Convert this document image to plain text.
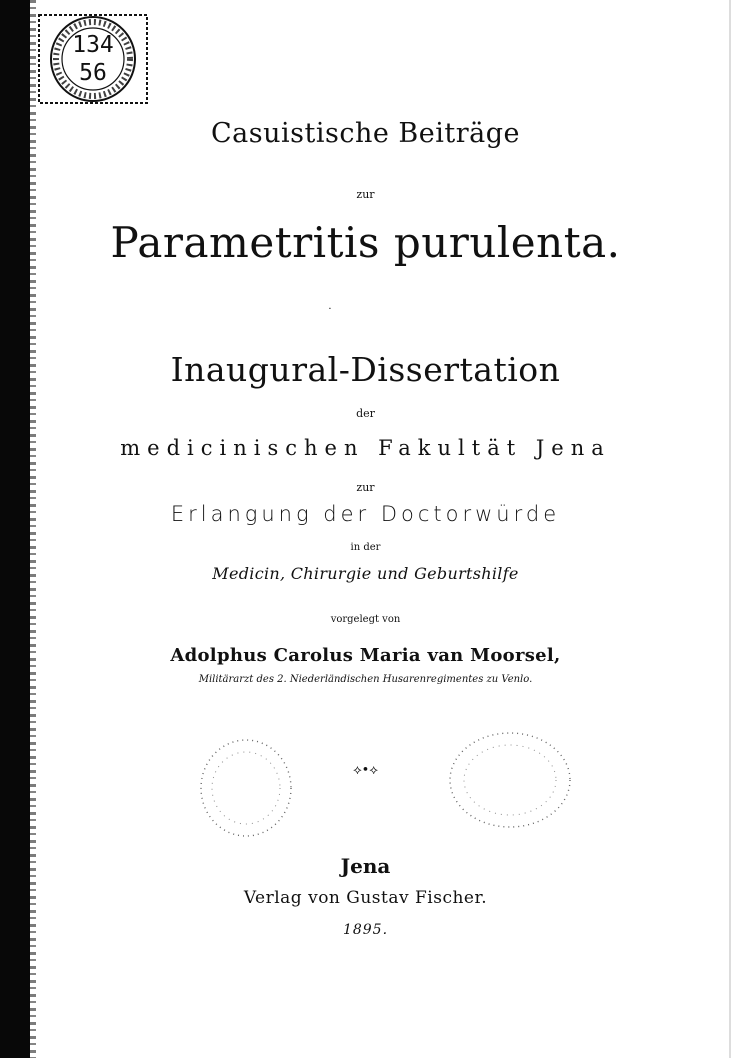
134
56
Casuistische Beiträge
zur
Parametritis purulenta.
·
Inaugural-Dissertation
der
medicinischen Fakultät Jena
zur
Erlangung der Doctorwürde
in der
Medicin, Chirurgie und Geburtshilfe
vorgelegt von
Adolphus Carolus Maria van Moorsel,
Militärarzt des 2. Niederländischen Husarenregimentes zu Venlo.
⟡•⟡
Jena
Verlag von Gustav Fischer.
1895.
